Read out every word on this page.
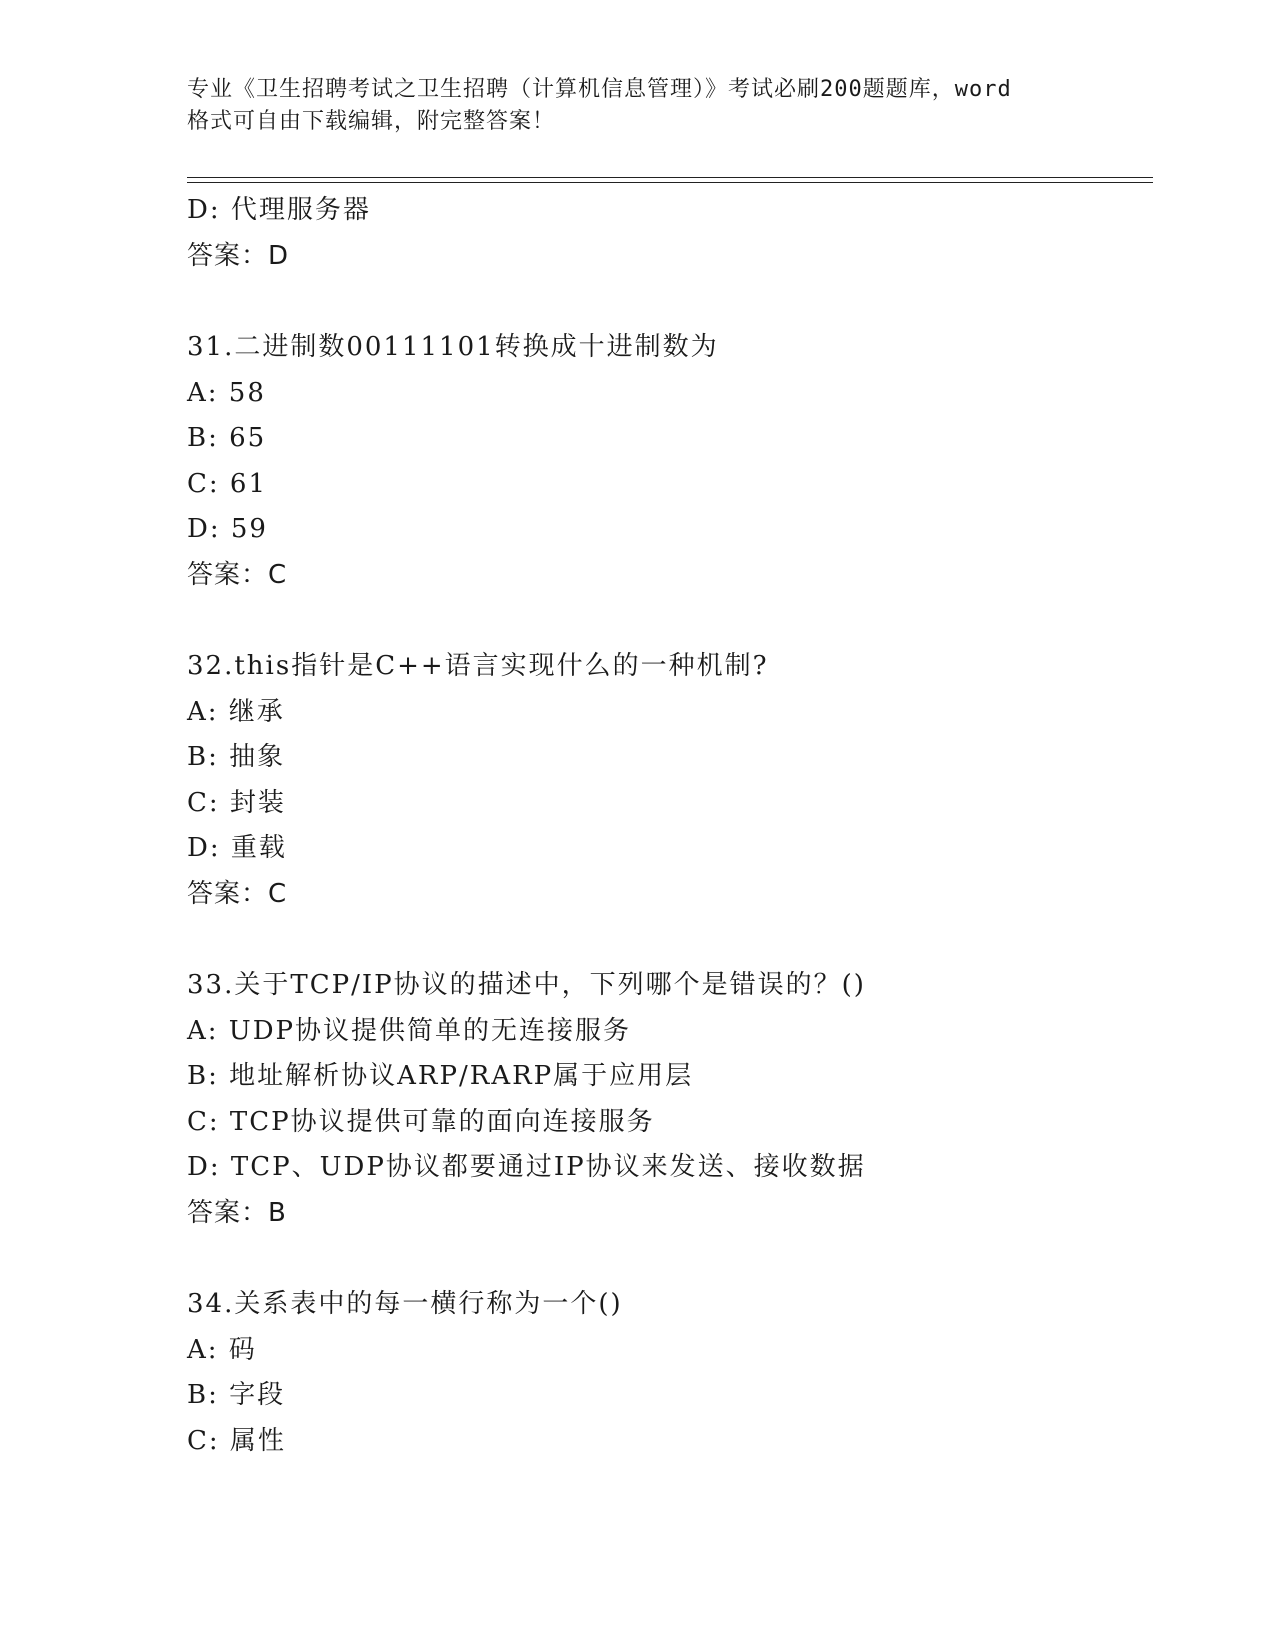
专业《卫生招聘考试之卫生招聘（计算机信息管理）》考试必刷200题题库，word
格式可自由下载编辑，附完整答案！
D: 代理服务器
答案：D
31.二进制数00111101转换成十进制数为
A: 58
B: 65
C: 61
D: 59
答案：C
32.this指针是C++语言实现什么的一种机制?
A: 继承
B: 抽象
C: 封装
D: 重载
答案：C
33.关于TCP/IP协议的描述中，下列哪个是错误的？()
A: UDP协议提供简单的无连接服务
B: 地址解析协议ARP/RARP属于应用层
C: TCP协议提供可靠的面向连接服务
D: TCP、UDP协议都要通过IP协议来发送、接收数据
答案：B
34.关系表中的每一横行称为一个()
A: 码
B: 字段
C: 属性
